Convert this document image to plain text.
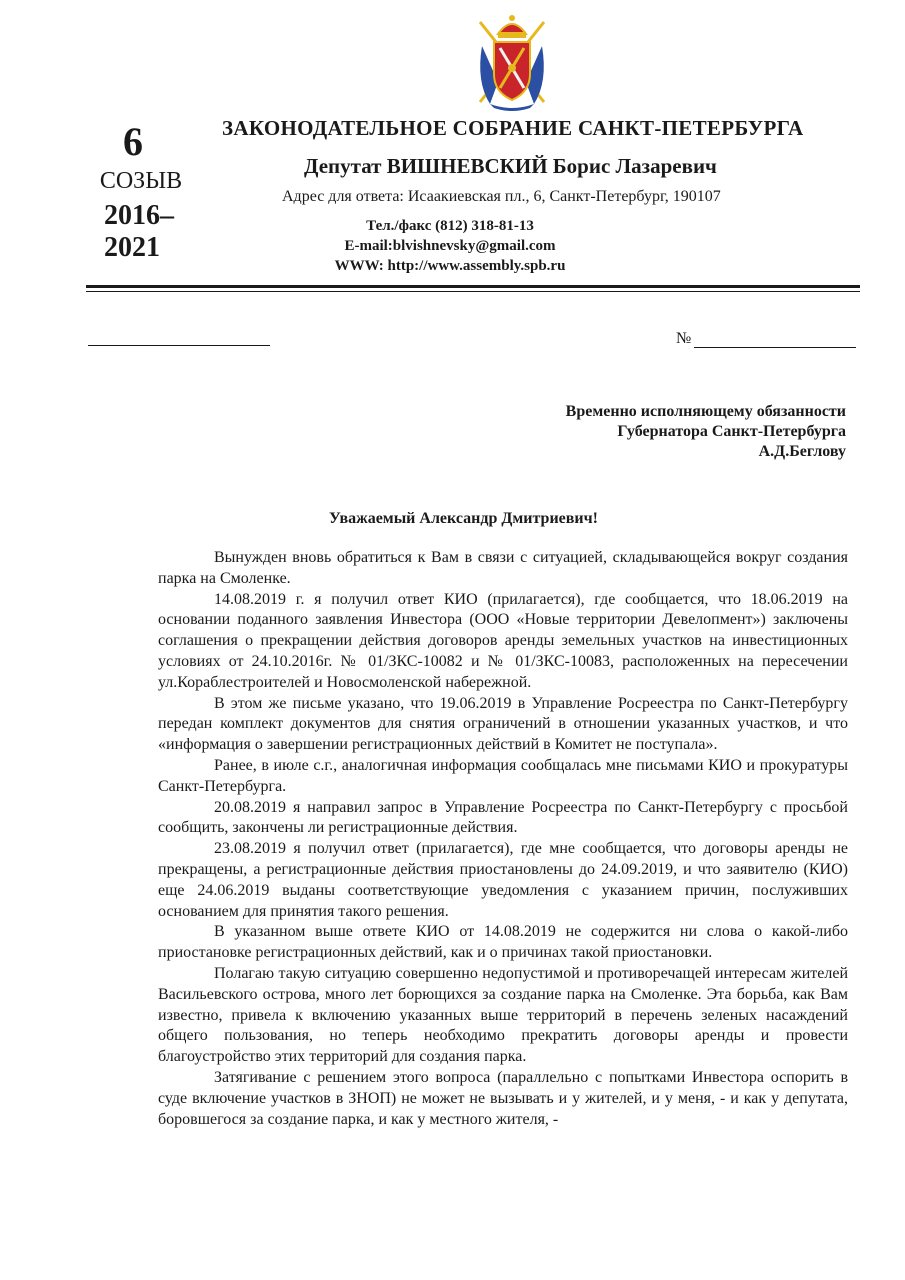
6
СОЗЫВ
2016–
2021
ЗАКОНОДАТЕЛЬНОЕ СОБРАНИЕ САНКТ-ПЕТЕРБУРГА
Депутат ВИШНЕВСКИЙ Борис Лазаревич
Адрес для ответа: Исаакиевская пл., 6, Санкт-Петербург, 190107
Тел./факс (812) 318-81-13
E-mail:blvishnevsky@gmail.com
WWW: http://www.assembly.spb.ru
№
Временно исполняющему обязанности
Губернатора Санкт-Петербурга
А.Д.Беглову
Уважаемый Александр Дмитриевич!

Вынужден вновь обратиться к Вам в связи с ситуацией, складывающейся вокруг создания парка на Смоленке.

14.08.2019 г. я получил ответ КИО (прилагается), где сообщается, что 18.06.2019 на основании поданного заявления Инвестора (ООО «Новые территории Девелопмент») заключены соглашения о прекращении действия договоров аренды земельных участков на инвестиционных условиях от 24.10.2016г. № 01/ЗКС-10082 и № 01/ЗКС-10083, расположенных на пересечении ул.Кораблестроителей и Новосмоленской набережной.

В этом же письме указано, что 19.06.2019 в Управление Росреестра по Санкт-Петербургу передан комплект документов для снятия ограничений в отношении указанных участков, и что «информация о завершении регистрационных действий в Комитет не поступала».

Ранее, в июле с.г., аналогичная информация сообщалась мне письмами КИО и прокуратуры Санкт-Петербурга.

20.08.2019 я направил запрос в Управление Росреестра по Санкт-Петербургу с просьбой сообщить, закончены ли регистрационные действия.

23.08.2019 я получил ответ (прилагается), где мне сообщается, что договоры аренды не прекращены, а регистрационные действия приостановлены до 24.09.2019, и что заявителю (КИО) еще 24.06.2019 выданы соответствующие уведомления с указанием причин, послуживших основанием для принятия такого решения.

В указанном выше ответе КИО от 14.08.2019 не содержится ни слова о какой-либо приостановке регистрационных действий, как и о причинах такой приостановки.

Полагаю такую ситуацию совершенно недопустимой и противоречащей интересам жителей Васильевского острова, много лет борющихся за создание парка на Смоленке. Эта борьба, как Вам известно, привела к включению указанных выше территорий в перечень зеленых насаждений общего пользования, но теперь необходимо прекратить договоры аренды и провести благоустройство этих территорий для создания парка.

Затягивание с решением этого вопроса (параллельно с попытками Инвестора оспорить в суде включение участков в ЗНОП) не может не вызывать и у жителей, и у меня, - и как у депутата, боровшегося за создание парка, и как у местного жителя, -
